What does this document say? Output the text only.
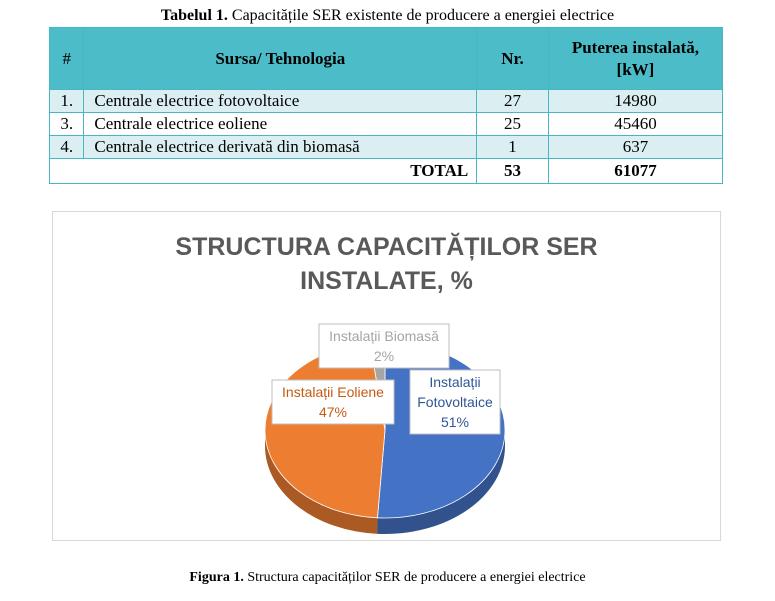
Tabelul 1. Capacitățile SER existente de producere a energiei electrice
#	Sursa/ Tehnologia	Nr.	Puterea instalată,
[kW]
1.	Centrale electrice fotovoltaice	27	14980
3.	Centrale electrice eoliene	25	45460
4.	Centrale electrice derivată din biomasă	1	637
TOTAL		53	61077
STRUCTURA CAPACITĂȚILOR SER
INSTALATE, %
Instalații
Fotovoltaice
51%
Instalații Eoliene
47%
Instalații Biomasă
2%
Figura 1. Structura capacităților SER de producere a energiei electrice
